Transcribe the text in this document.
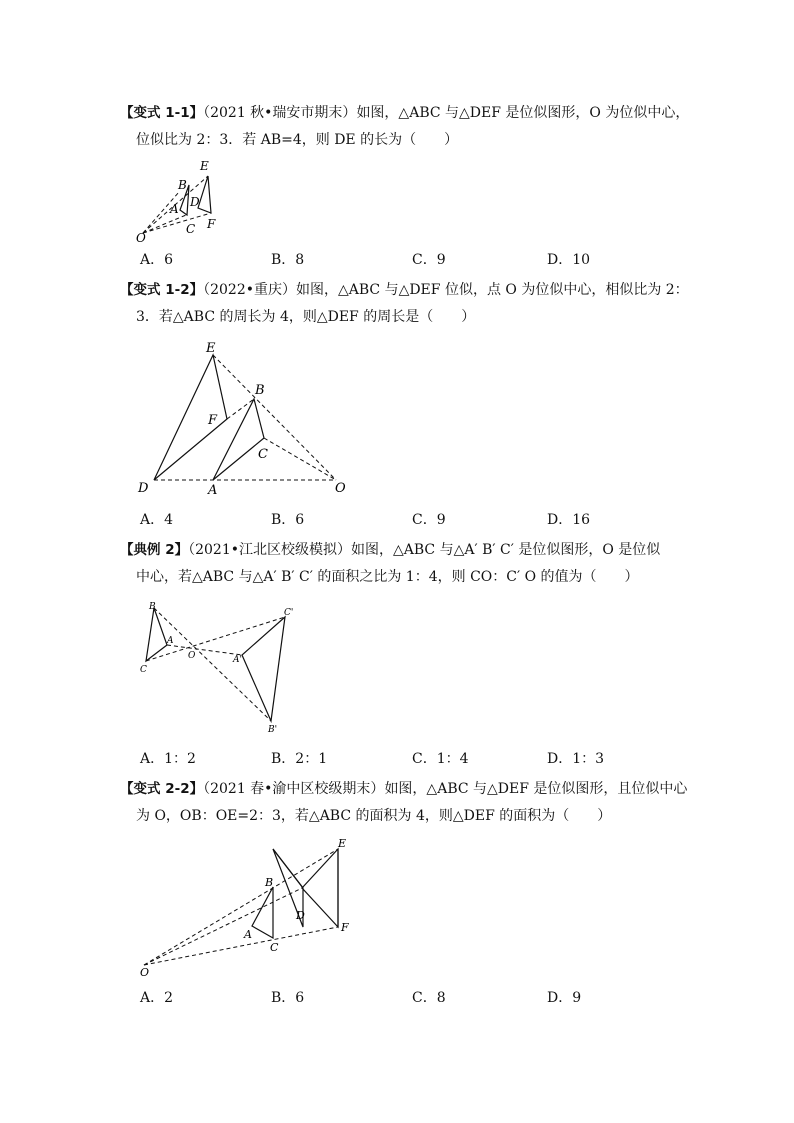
【变式 1-1】（2021 秋•瑞安市期末）如图，△ABC 与△DEF 是位似图形，O 为位似中心，
位似比为 2：3．若 AB=4，则 DE 的长为（　　）
E
B
A D
C F
O
A．6	B．8	C．9	D．10
【变式 1-2】（2022•重庆）如图，△ABC 与△DEF 位似，点 O 为位似中心，相似比为 2：
3．若△ABC 的周长为 4，则△DEF 的周长是（　　）
E
B
F
C
D	A	O
A．4	B．6	C．9	D．16
【典例 2】（2021•江北区校级模拟）如图，△ABC 与△A′ B′ C′ 是位似图形，O 是位似
中心，若△ABC 与△A′ B′ C′ 的面积之比为 1：4，则 CO：C′ O 的值为（　　）
B
A
C
O	A'
B'
C'
A．1：2	B．2：1	C．1：4	D．1：3
【变式 2-2】（2021 春•渝中区校级期末）如图，△ABC 与△DEF 是位似图形，且位似中心
为 O，OB：OE=2：3，若△ABC 的面积为 4，则△DEF 的面积为（　　）
E
B
D
F
A
C
O
A．2	B．6	C．8	D．9
